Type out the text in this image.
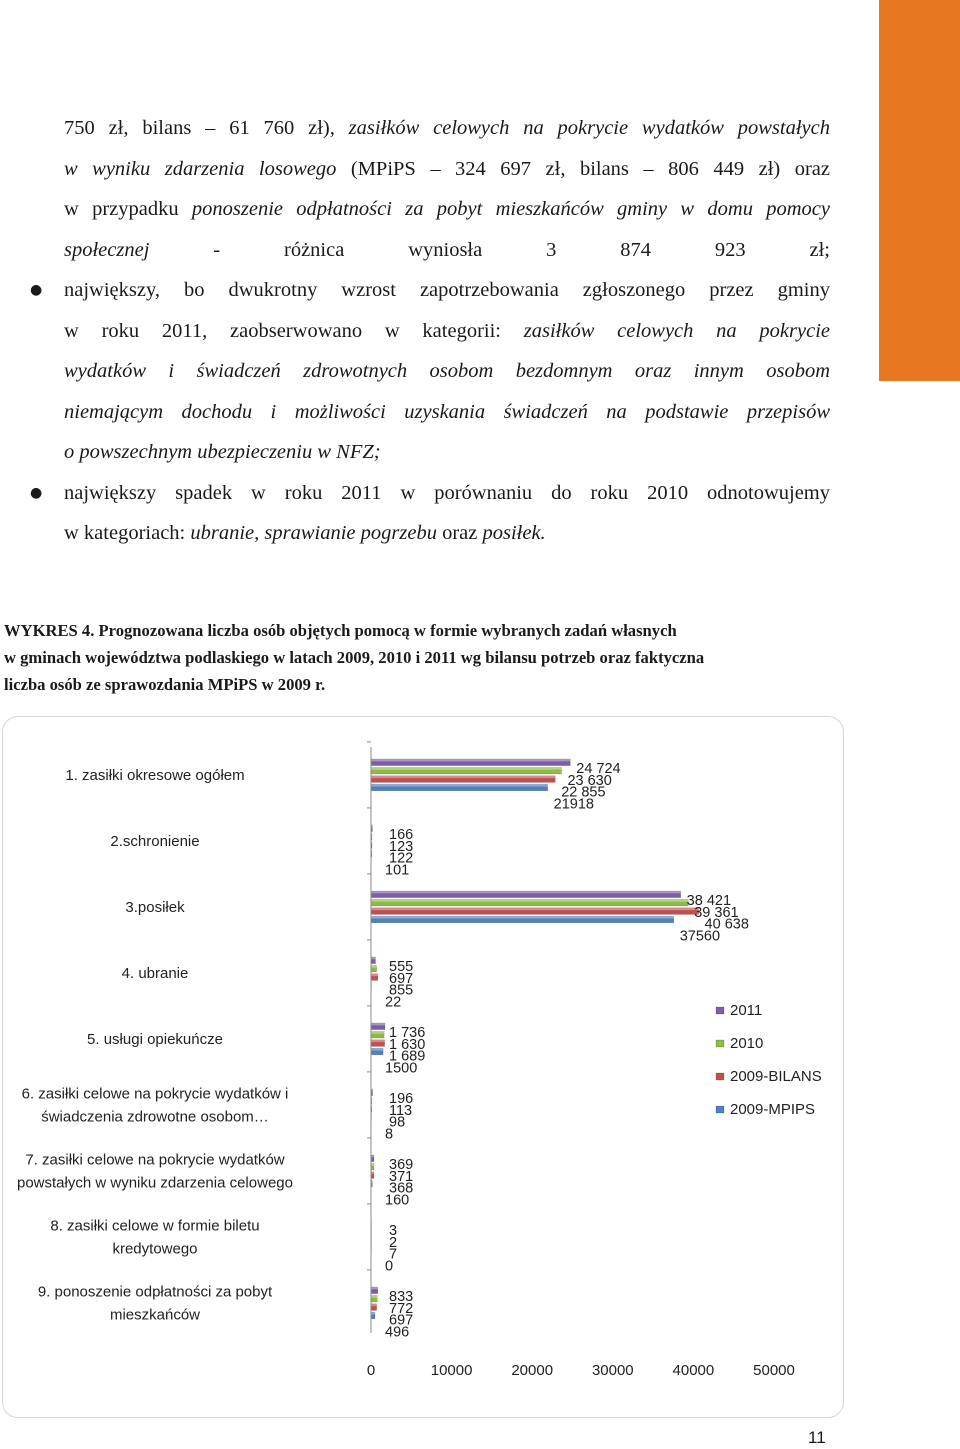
750 zł, bilans – 61 760 zł), zasiłków celowych na pokrycie wydatków powstałych
w wyniku zdarzenia losowego (MPiPS – 324 697 zł, bilans – 806 449 zł) oraz
w przypadku ponoszenie odpłatności za pobyt mieszkańców gminy w domu pomocy
społecznej - różnica wyniosła 3 874 923 zł;
● największy, bo dwukrotny wzrost zapotrzebowania zgłoszonego przez gminy
w roku 2011, zaobserwowano w kategorii: zasiłków celowych na pokrycie
wydatków i świadczeń zdrowotnych osobom bezdomnym oraz innym osobom
niemającym dochodu i możliwości uzyskania świadczeń na podstawie przepisów
o powszechnym ubezpieczeniu w NFZ;
● największy spadek w roku 2011 w porównaniu do roku 2010 odnotowujemy
w kategoriach: ubranie, sprawianie pogrzebu oraz posiłek.
WYKRES 4. Prognozowana liczba osób objętych pomocą w formie wybranych zadań własnych
w gminach województwa podlaskiego w latach 2009, 2010 i 2011 wg bilansu potrzeb oraz faktyczna
liczba osób ze sprawozdania MPiPS w 2009 r.
24 724
23 630
22 855
21918
1. zasiłki okresowe ogółem
166
123
122
101
2.schronienie
38 421
39 361
40 638
37560
3.posiłek
555
697
855
22
4. ubranie
1 736
1 630
1 689
1500
5. usługi opiekuńcze
196
113
98
8
6. zasiłki celowe na pokrycie wydatków i
świadczenia zdrowotne osobom…
369
371
368
160
7. zasiłki celowe na pokrycie wydatków
powstałych w wyniku zdarzenia celowego
3
2
7
0
8. zasiłki celowe w formie biletu
kredytowego
833
772
697
496
9. ponoszenie odpłatności za pobyt
mieszkańców
0	10000	20000	30000	40000	50000
2011
2010
2009-BILANS
2009-MPIPS
11
